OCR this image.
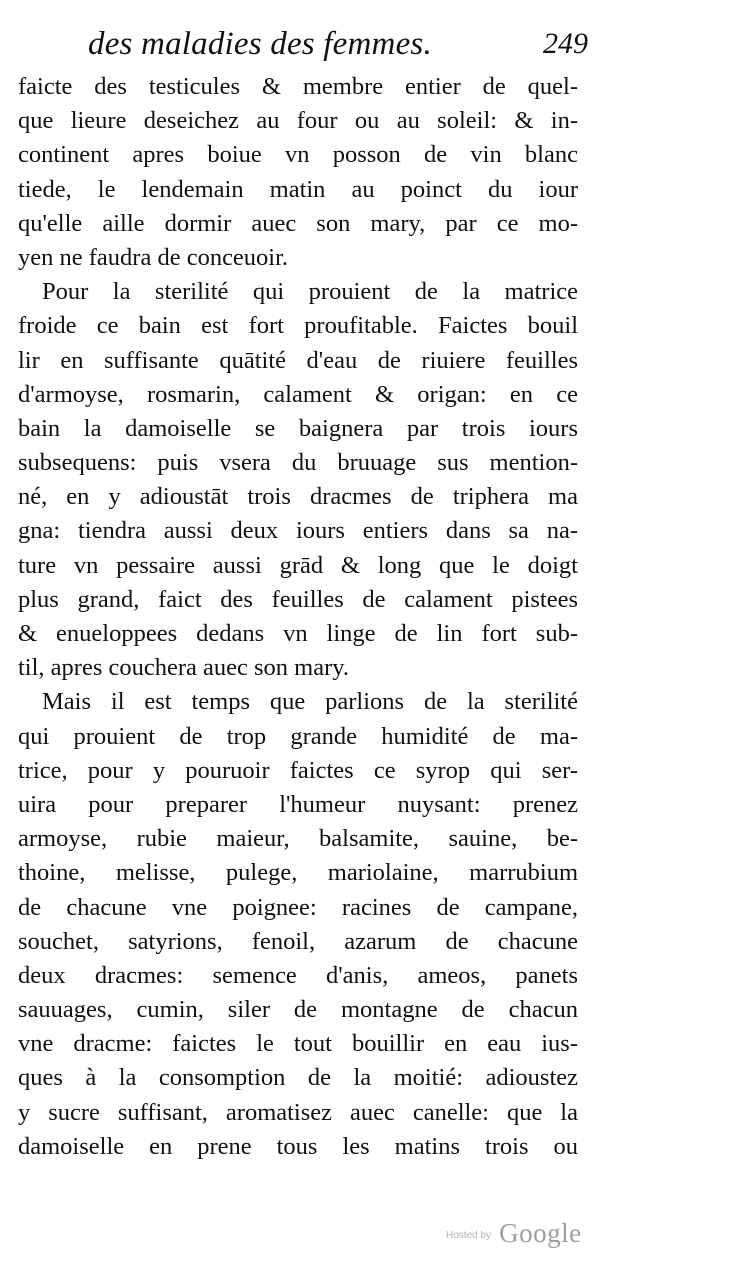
des maladies des femmes.	249
faicte des testicules & membre entier de quel-
que lieure deseichez au four ou au soleil: & in-
continent apres boiue vn posson de vin blanc
tiede, le lendemain matin au poinct du iour
qu'elle aille dormir auec son mary, par ce mo-
yen ne faudra de conceuoir.
Pour la sterilité qui prouient de la matrice
froide ce bain est fort proufitable. Faictes bouil
lir en suffisante quātité d'eau de riuiere feuilles
d'armoyse, rosmarin, calament & origan: en ce
bain la damoiselle se baignera par trois iours
subsequens: puis vsera du bruuage sus mention-
né, en y adioustāt trois dracmes de triphera ma
gna: tiendra aussi deux iours entiers dans sa na-
ture vn pessaire aussi grād & long que le doigt
plus grand, faict des feuilles de calament pistees
& enueloppees dedans vn linge de lin fort sub-
til, apres couchera auec son mary.
Mais il est temps que parlions de la sterilité
qui prouient de trop grande humidité de ma-
trice, pour y pouruoir faictes ce syrop qui ser-
uira pour preparer l'humeur nuysant: prenez
armoyse, rubie maieur, balsamite, sauine, be-
thoine, melisse, pulege, mariolaine, marrubium
de chacune vne poignee: racines de campane,
souchet, satyrions, fenoil, azarum de chacune
deux dracmes: semence d'anis, ameos, panets
sauuages, cumin, siler de montagne de chacun
vne dracme: faictes le tout bouillir en eau ius-
ques à la consomption de la moitié: adioustez
y sucre suffisant, aromatisez auec canelle: que la
damoiselle en prene tous les matins trois ou
$^{Hosted by}$ Google
